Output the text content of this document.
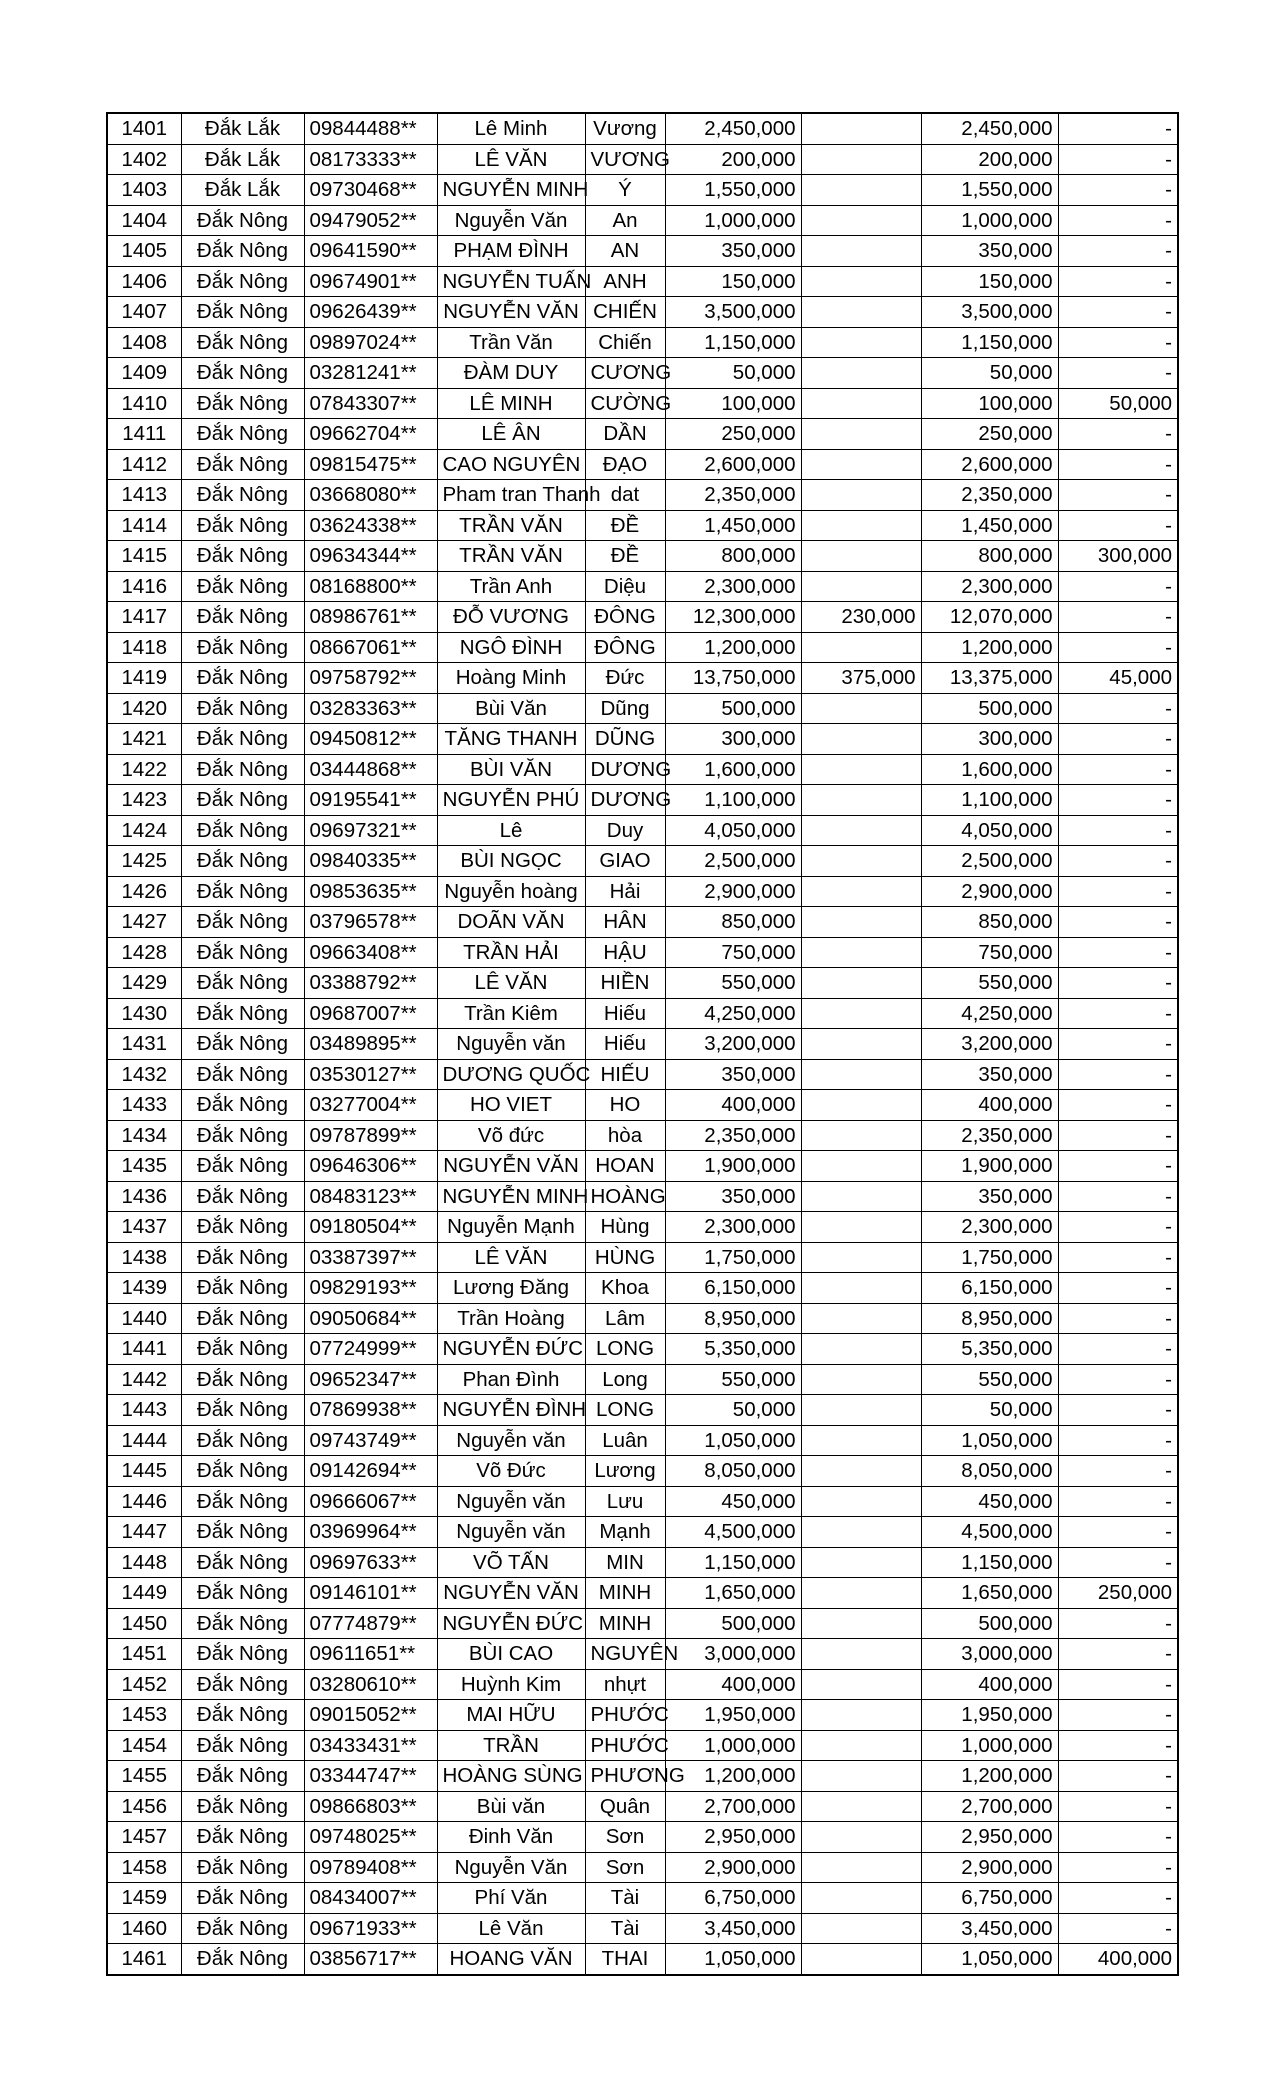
1401	Đắk Lắk	09844488**	Lê Minh	Vương	2,450,000		2,450,000	-
1402	Đắk Lắk	08173333**	LÊ VĂN	VƯƠNG	200,000		200,000	-
1403	Đắk Lắk	09730468**	NGUYỄN MINH	Ý	1,550,000		1,550,000	-
1404	Đắk Nông	09479052**	Nguyễn Văn	An	1,000,000		1,000,000	-
1405	Đắk Nông	09641590**	PHẠM ĐÌNH	AN	350,000		350,000	-
1406	Đắk Nông	09674901**	NGUYỄN TUẤN	ANH	150,000		150,000	-
1407	Đắk Nông	09626439**	NGUYỄN VĂN	CHIẾN	3,500,000		3,500,000	-
1408	Đắk Nông	09897024**	Trần Văn	Chiến	1,150,000		1,150,000	-
1409	Đắk Nông	03281241**	ĐÀM DUY	CƯƠNG	50,000		50,000	-
1410	Đắk Nông	07843307**	LÊ MINH	CƯỜNG	100,000		100,000	50,000
1411	Đắk Nông	09662704**	LÊ ÂN	DẦN	250,000		250,000	-
1412	Đắk Nông	09815475**	CAO NGUYÊN	ĐẠO	2,600,000		2,600,000	-
1413	Đắk Nông	03668080**	Pham tran Thanh	dat	2,350,000		2,350,000	-
1414	Đắk Nông	03624338**	TRẦN VĂN	ĐỀ	1,450,000		1,450,000	-
1415	Đắk Nông	09634344**	TRẦN VĂN	ĐỀ	800,000		800,000	300,000
1416	Đắk Nông	08168800**	Trần Anh	Diệu	2,300,000		2,300,000	-
1417	Đắk Nông	08986761**	ĐỖ VƯƠNG	ĐÔNG	12,300,000	230,000	12,070,000	-
1418	Đắk Nông	08667061**	NGÔ ĐÌNH	ĐÔNG	1,200,000		1,200,000	-
1419	Đắk Nông	09758792**	Hoàng Minh	Đức	13,750,000	375,000	13,375,000	45,000
1420	Đắk Nông	03283363**	Bùi Văn	Dũng	500,000		500,000	-
1421	Đắk Nông	09450812**	TĂNG THANH	DŨNG	300,000		300,000	-
1422	Đắk Nông	03444868**	BÙI VĂN	DƯƠNG	1,600,000		1,600,000	-
1423	Đắk Nông	09195541**	NGUYỄN PHÚ	DƯƠNG	1,100,000		1,100,000	-
1424	Đắk Nông	09697321**	Lê	Duy	4,050,000		4,050,000	-
1425	Đắk Nông	09840335**	BÙI NGỌC	GIAO	2,500,000		2,500,000	-
1426	Đắk Nông	09853635**	Nguyễn hoàng	Hải	2,900,000		2,900,000	-
1427	Đắk Nông	03796578**	DOÃN VĂN	HÂN	850,000		850,000	-
1428	Đắk Nông	09663408**	TRẦN HẢI	HẬU	750,000		750,000	-
1429	Đắk Nông	03388792**	LÊ VĂN	HIỀN	550,000		550,000	-
1430	Đắk Nông	09687007**	Trần Kiêm	Hiếu	4,250,000		4,250,000	-
1431	Đắk Nông	03489895**	Nguyễn văn	Hiếu	3,200,000		3,200,000	-
1432	Đắk Nông	03530127**	DƯƠNG QUỐC	HIẾU	350,000		350,000	-
1433	Đắk Nông	03277004**	HO VIET	HO	400,000		400,000	-
1434	Đắk Nông	09787899**	Võ đức	hòa	2,350,000		2,350,000	-
1435	Đắk Nông	09646306**	NGUYỄN VĂN	HOAN	1,900,000		1,900,000	-
1436	Đắk Nông	08483123**	NGUYỄN MINH	HOÀNG	350,000		350,000	-
1437	Đắk Nông	09180504**	Nguyễn Mạnh	Hùng	2,300,000		2,300,000	-
1438	Đắk Nông	03387397**	LÊ VĂN	HÙNG	1,750,000		1,750,000	-
1439	Đắk Nông	09829193**	Lương Đăng	Khoa	6,150,000		6,150,000	-
1440	Đắk Nông	09050684**	Trần Hoàng	Lâm	8,950,000		8,950,000	-
1441	Đắk Nông	07724999**	NGUYỄN ĐỨC	LONG	5,350,000		5,350,000	-
1442	Đắk Nông	09652347**	Phan Đình	Long	550,000		550,000	-
1443	Đắk Nông	07869938**	NGUYỄN ĐÌNH	LONG	50,000		50,000	-
1444	Đắk Nông	09743749**	Nguyễn văn	Luân	1,050,000		1,050,000	-
1445	Đắk Nông	09142694**	Võ Đức	Lương	8,050,000		8,050,000	-
1446	Đắk Nông	09666067**	Nguyễn văn	Lưu	450,000		450,000	-
1447	Đắk Nông	03969964**	Nguyễn văn	Mạnh	4,500,000		4,500,000	-
1448	Đắk Nông	09697633**	VÕ TẤN	MIN	1,150,000		1,150,000	-
1449	Đắk Nông	09146101**	NGUYỄN VĂN	MINH	1,650,000		1,650,000	250,000
1450	Đắk Nông	07774879**	NGUYỄN ĐỨC	MINH	500,000		500,000	-
1451	Đắk Nông	09611651**	BÙI CAO	NGUYÊN	3,000,000		3,000,000	-
1452	Đắk Nông	03280610**	Huỳnh Kim	nhựt	400,000		400,000	-
1453	Đắk Nông	09015052**	MAI HỮU	PHƯỚC	1,950,000		1,950,000	-
1454	Đắk Nông	03433431**	TRẦN	PHƯỚC	1,000,000		1,000,000	-
1455	Đắk Nông	03344747**	HOÀNG SÙNG	PHƯƠNG	1,200,000		1,200,000	-
1456	Đắk Nông	09866803**	Bùi văn	Quân	2,700,000		2,700,000	-
1457	Đắk Nông	09748025**	Đinh Văn	Sơn	2,950,000		2,950,000	-
1458	Đắk Nông	09789408**	Nguyễn Văn	Sơn	2,900,000		2,900,000	-
1459	Đắk Nông	08434007**	Phí Văn	Tài	6,750,000		6,750,000	-
1460	Đắk Nông	09671933**	Lê Văn	Tài	3,450,000		3,450,000	-
1461	Đắk Nông	03856717**	HOANG VĂN	THAI	1,050,000		1,050,000	400,000
